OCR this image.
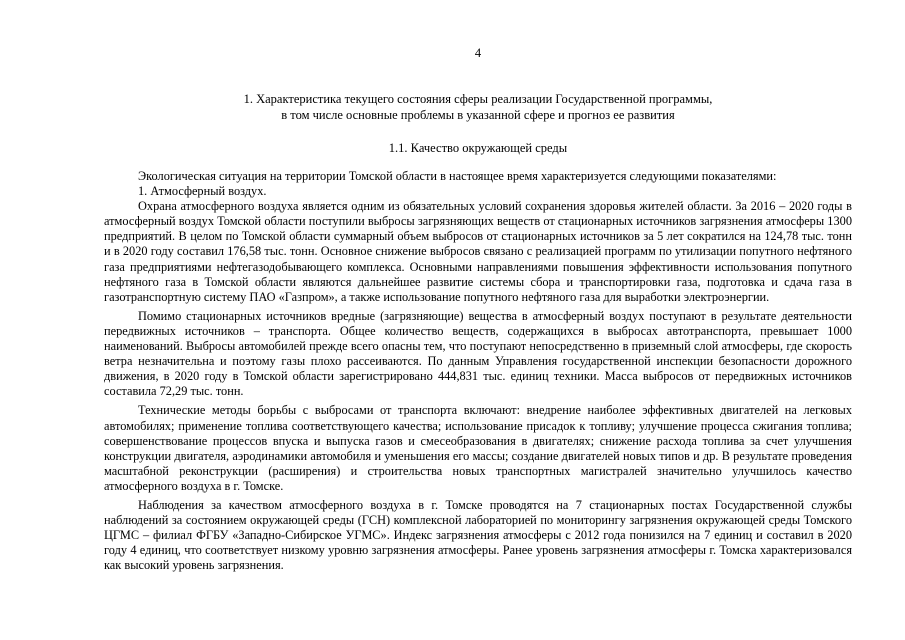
4
1. Характеристика текущего состояния сферы реализации Государственной программы,
в том числе основные проблемы в указанной сфере и прогноз ее развития
1.1. Качество окружающей среды

Экологическая ситуация на территории Томской области в настоящее время характеризуется следующими показателями:

1. Атмосферный воздух.

Охрана атмосферного воздуха является одним из обязательных условий сохранения здоровья жителей области. За 2016 – 2020 годы в атмосферный воздух Томской области поступили выбросы загрязняющих веществ от стационарных источников загрязнения атмосферы 1300 предприятий. В целом по Томской области суммарный объем выбросов от стационарных источников за 5 лет сократился на 124,78 тыс. тонн и в 2020 году составил 176,58 тыс. тонн. Основное снижение выбросов связано с реализацией программ по утилизации попутного нефтяного газа предприятиями нефтегазодобывающего комплекса. Основными направлениями повышения эффективности использования попутного нефтяного газа в Томской области являются дальнейшее развитие системы сбора и транспортировки газа, подготовка и сдача газа в газотранспортную систему ПАО «Газпром», а также использование попутного нефтяного газа для выработки электроэнергии.

Помимо стационарных источников вредные (загрязняющие) вещества в атмосферный воздух поступают в результате деятельности передвижных источников – транспорта. Общее количество веществ, содержащихся в выбросах автотранспорта, превышает 1000 наименований. Выбросы автомобилей прежде всего опасны тем, что поступают непосредственно в приземный слой атмосферы, где скорость ветра незначительна и поэтому газы плохо рассеиваются. По данным Управления государственной инспекции безопасности дорожного движения, в 2020 году в Томской области зарегистрировано 444,831 тыс. единиц техники. Масса выбросов от передвижных источников составила 72,29 тыс. тонн.

Технические методы борьбы с выбросами от транспорта включают: внедрение наиболее эффективных двигателей на легковых автомобилях; применение топлива соответствующего качества; использование присадок к топливу; улучшение процесса сжигания топлива; совершенствование процессов впуска и выпуска газов и смесеобразования в двигателях; снижение расхода топлива за счет улучшения конструкции двигателя, аэродинамики автомобиля и уменьшения его массы; создание двигателей новых типов и др. В результате проведения масштабной реконструкции (расширения) и строительства новых транспортных магистралей значительно улучшилось качество атмосферного воздуха в г. Томске.

Наблюдения за качеством атмосферного воздуха в г. Томске проводятся на 7 стационарных постах Государственной службы наблюдений за состоянием окружающей среды (ГСН) комплексной лабораторией по мониторингу загрязнения окружающей среды Томского ЦГМС – филиал ФГБУ «Западно-Сибирское УГМС». Индекс загрязнения атмосферы с 2012 года понизился на 7 единиц и составил в 2020 году 4 единиц, что соответствует низкому уровню загрязнения атмосферы. Ранее уровень загрязнения атмосферы г. Томска характеризовался как высокий уровень загрязнения.
